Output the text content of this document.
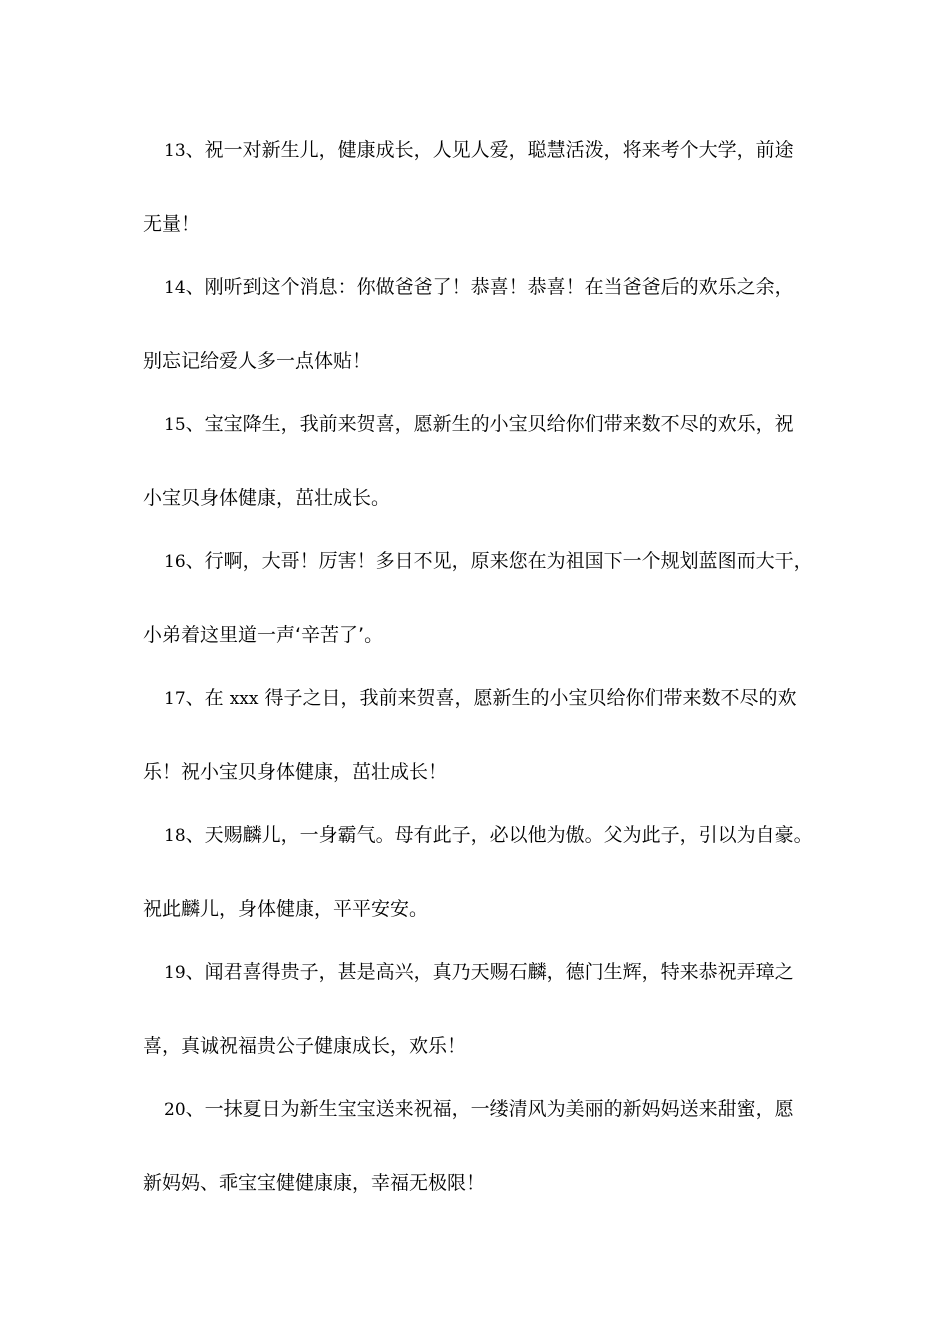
13、祝一对新生儿，健康成长，人见人爱，聪慧活泼，将来考个大学，前途
无量！
14、刚听到这个消息：你做爸爸了！恭喜！恭喜！在当爸爸后的欢乐之余，
别忘记给爱人多一点体贴！
15、宝宝降生，我前来贺喜，愿新生的小宝贝给你们带来数不尽的欢乐，祝
小宝贝身体健康，茁壮成长。
16、行啊，大哥！厉害！多日不见，原来您在为祖国下一个规划蓝图而大干，
小弟着这里道一声‘辛苦了’。
17、在 xxx 得子之日，我前来贺喜，愿新生的小宝贝给你们带来数不尽的欢
乐！祝小宝贝身体健康，茁壮成长！
18、天赐麟儿，一身霸气。母有此子，必以他为傲。父为此子，引以为自豪。
祝此麟儿，身体健康，平平安安。
19、闻君喜得贵子，甚是高兴，真乃天赐石麟，德门生辉，特来恭祝弄璋之
喜，真诚祝福贵公子健康成长，欢乐！
20、一抹夏日为新生宝宝送来祝福，一缕清风为美丽的新妈妈送来甜蜜，愿
新妈妈、乖宝宝健健康康，幸福无极限！
